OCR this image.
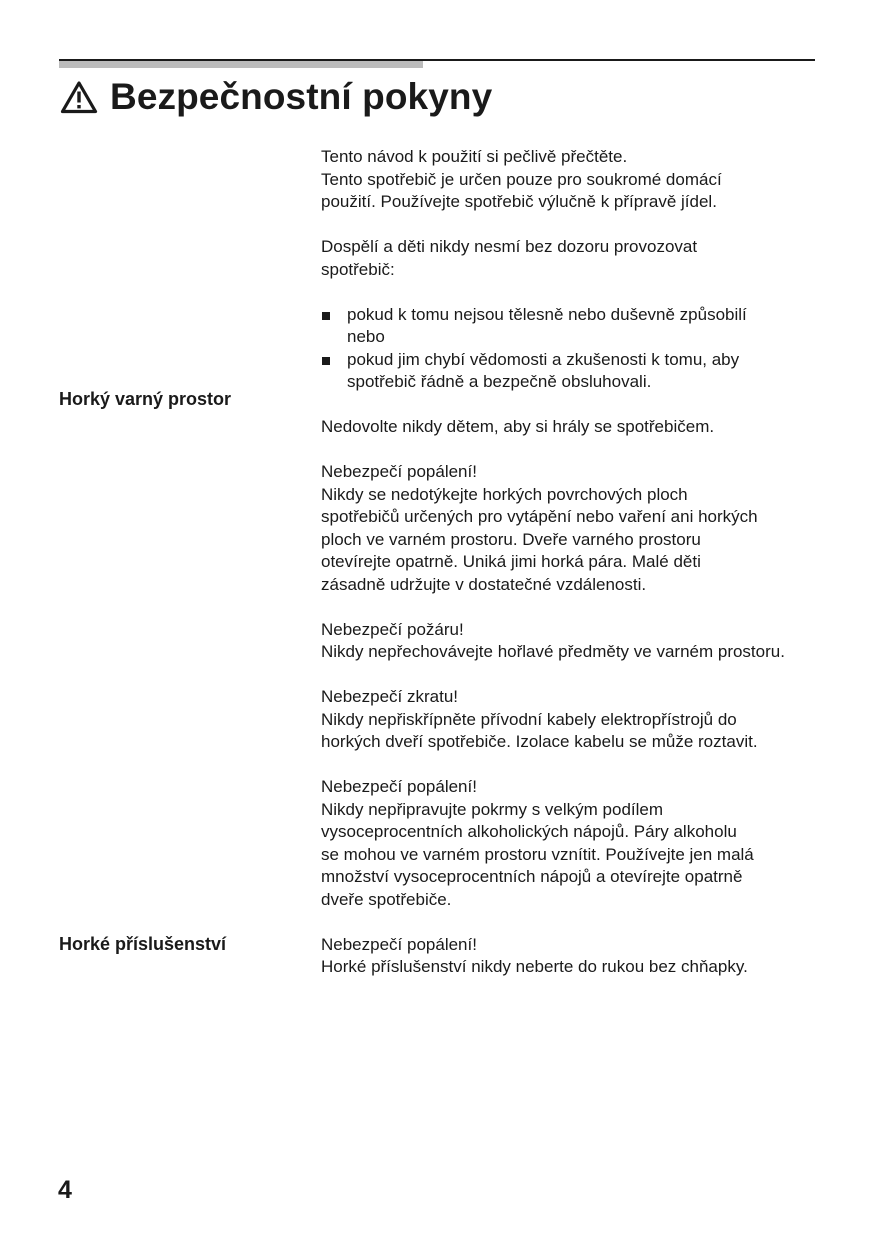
Bezpečnostní pokyny
Horký varný prostor
Horké příslušenství

Tento návod k použití si pečlivě přečtěte.
Tento spotřebič je určen pouze pro soukromé domácí
použití. Používejte spotřebič výlučně k přípravě jídel.

Dospělí a děti nikdy nesmí bez dozoru provozovat
spotřebič:

pokud k tomu nejsou tělesně nebo duševně způsobilí
nebo
pokud jim chybí vědomosti a zkušenosti k tomu, aby
spotřebič řádně a bezpečně obsluhovali.

Nedovolte nikdy dětem, aby si hrály se spotřebičem.

Nebezpečí popálení!
Nikdy se nedotýkejte horkých povrchových ploch
spotřebičů určených pro vytápění nebo vaření ani horkých
ploch ve varném prostoru. Dveře varného prostoru
otevírejte opatrně. Uniká jimi horká pára. Malé děti
zásadně udržujte v dostatečné vzdálenosti.

Nebezpečí požáru!
Nikdy nepřechovávejte hořlavé předměty ve varném prostoru.

Nebezpečí zkratu!
Nikdy nepřiskřípněte přívodní kabely elektropřístrojů do
horkých dveří spotřebiče. Izolace kabelu se může roztavit.

Nebezpečí popálení!
Nikdy nepřipravujte pokrmy s velkým podílem
vysoceprocentních alkoholických nápojů. Páry alkoholu
se mohou ve varném prostoru vznítit. Používejte jen malá
množství vysoceprocentních nápojů a otevírejte opatrně
dveře spotřebiče.

Nebezpečí popálení!
Horké příslušenství nikdy neberte do rukou bez chňapky.

4
